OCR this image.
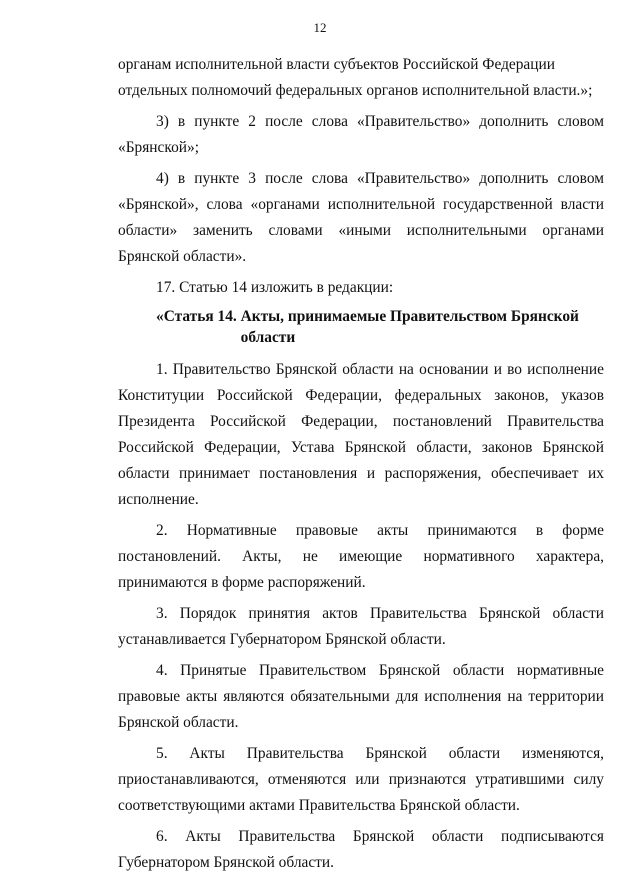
12

органам исполнительной власти субъектов Российской Федерации отдельных полномочий федеральных органов исполнительной власти.»;

3) в пункте 2 после слова «Правительство» дополнить словом «Брянской»;

4) в пункте 3 после слова «Правительство» дополнить словом «Брянской», слова «органами исполнительной государственной власти области» заменить словами «иными исполнительными органами Брянской области».

17. Статью 14 изложить в редакции:

«Статья 14.
Акты, принимаемые Правительством Брянской
области

1. Правительство Брянской области на основании и во исполнение Конституции Российской Федерации, федеральных законов, указов Президента Российской Федерации, постановлений Правительства Российской Федерации, Устава Брянской области, законов Брянской области принимает постановления и распоряжения, обеспечивает их исполнение.

2. Нормативные правовые акты принимаются в форме постановлений. Акты, не имеющие нормативного характера, принимаются в форме распоряжений.

3. Порядок принятия актов Правительства Брянской области устанавливается Губернатором Брянской области.

4. Принятые Правительством Брянской области нормативные правовые акты являются обязательными для исполнения на территории Брянской области.

5. Акты Правительства Брянской области изменяются, приостанавливаются, отменяются или признаются утратившими силу соответствующими актами Правительства Брянской области.

6. Акты Правительства Брянской области подписываются Губернатором Брянской области.
